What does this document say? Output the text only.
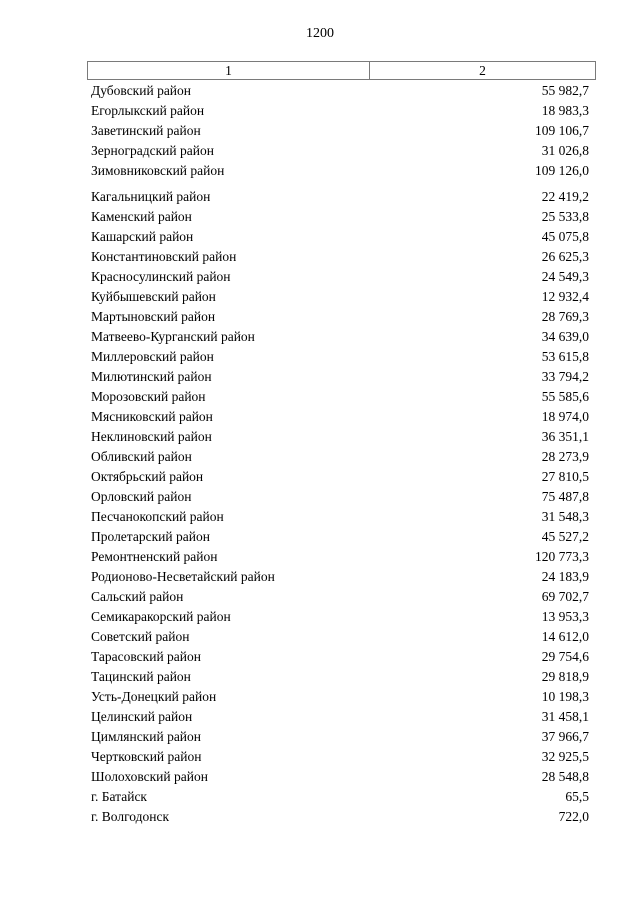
1200
1	2
Дубовский район	55 982,7
Егорлыкский район	18 983,3
Заветинский район	109 106,7
Зерноградский район	31 026,8
Зимовниковский район	109 126,0
Кагальницкий район	22 419,2
Каменский район	25 533,8
Кашарский район	45 075,8
Константиновский район	26 625,3
Красносулинский район	24 549,3
Куйбышевский район	12 932,4
Мартыновский район	28 769,3
Матвеево-Курганский район	34 639,0
Миллеровский район	53 615,8
Милютинский район	33 794,2
Морозовский район	55 585,6
Мясниковский район	18 974,0
Неклиновский район	36 351,1
Обливский район	28 273,9
Октябрьский район	27 810,5
Орловский район	75 487,8
Песчанокопский район	31 548,3
Пролетарский район	45 527,2
Ремонтненский район	120 773,3
Родионово-Несветайский район	24 183,9
Сальский район	69 702,7
Семикаракорский район	13 953,3
Советский район	14 612,0
Тарасовский район	29 754,6
Тацинский район	29 818,9
Усть-Донецкий район	10 198,3
Целинский район	31 458,1
Цимлянский район	37 966,7
Чертковский район	32 925,5
Шолоховский район	28 548,8
г. Батайск	65,5
г. Волгодонск	722,0
